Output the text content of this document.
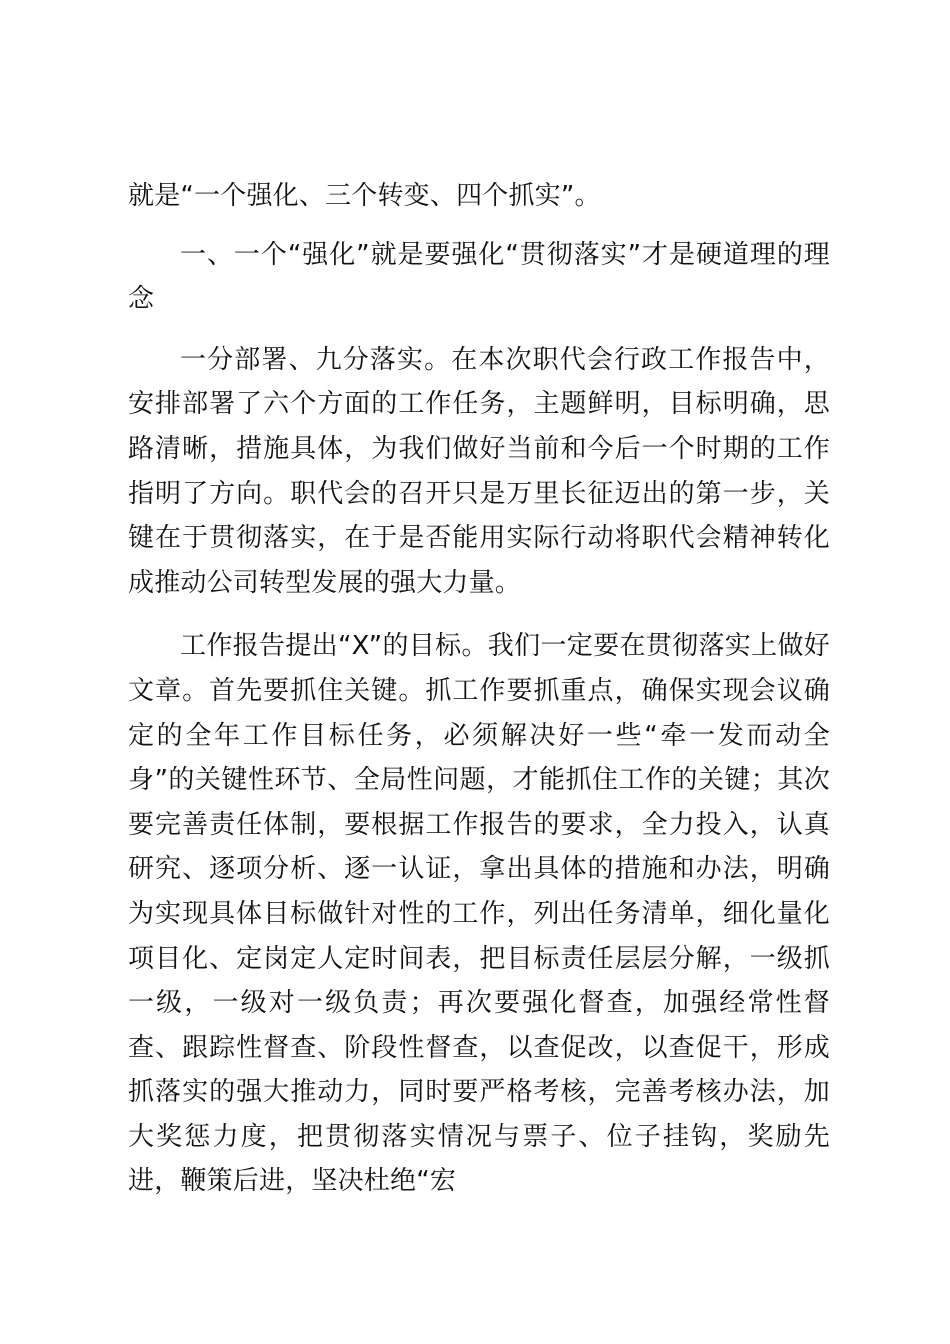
就是“一个强化、三个转变、四个抓实”。

一、一个“强化”就是要强化“贯彻落实”才是硬道理的理念

一分部署、九分落实。在本次职代会行政工作报告中，安排部署了六个方面的工作任务，主题鲜明，目标明确，思路清晰，措施具体，为我们做好当前和今后一个时期的工作指明了方向。职代会的召开只是万里长征迈出的第一步，关键在于贯彻落实，在于是否能用实际行动将职代会精神转化成推动公司转型发展的强大力量。

工作报告提出“X”的目标。我们一定要在贯彻落实上做好文章。首先要抓住关键。抓工作要抓重点，确保实现会议确定的全年工作目标任务，必须解决好一些“牵一发而动全身”的关键性环节、全局性问题，才能抓住工作的关键；其次要完善责任体制，要根据工作报告的要求，全力投入，认真研究、逐项分析、逐一认证，拿出具体的措施和办法，明确为实现具体目标做针对性的工作，列出任务清单，细化量化项目化、定岗定人定时间表，把目标责任层层分解，一级抓一级，一级对一级负责；再次要强化督查，加强经常性督查、跟踪性督查、阶段性督查，以查促改，以查促干，形成抓落实的强大推动力，同时要严格考核，完善考核办法，加大奖惩力度，把贯彻落实情况与票子、位子挂钩，奖励先进，鞭策后进，坚决杜绝“宏
